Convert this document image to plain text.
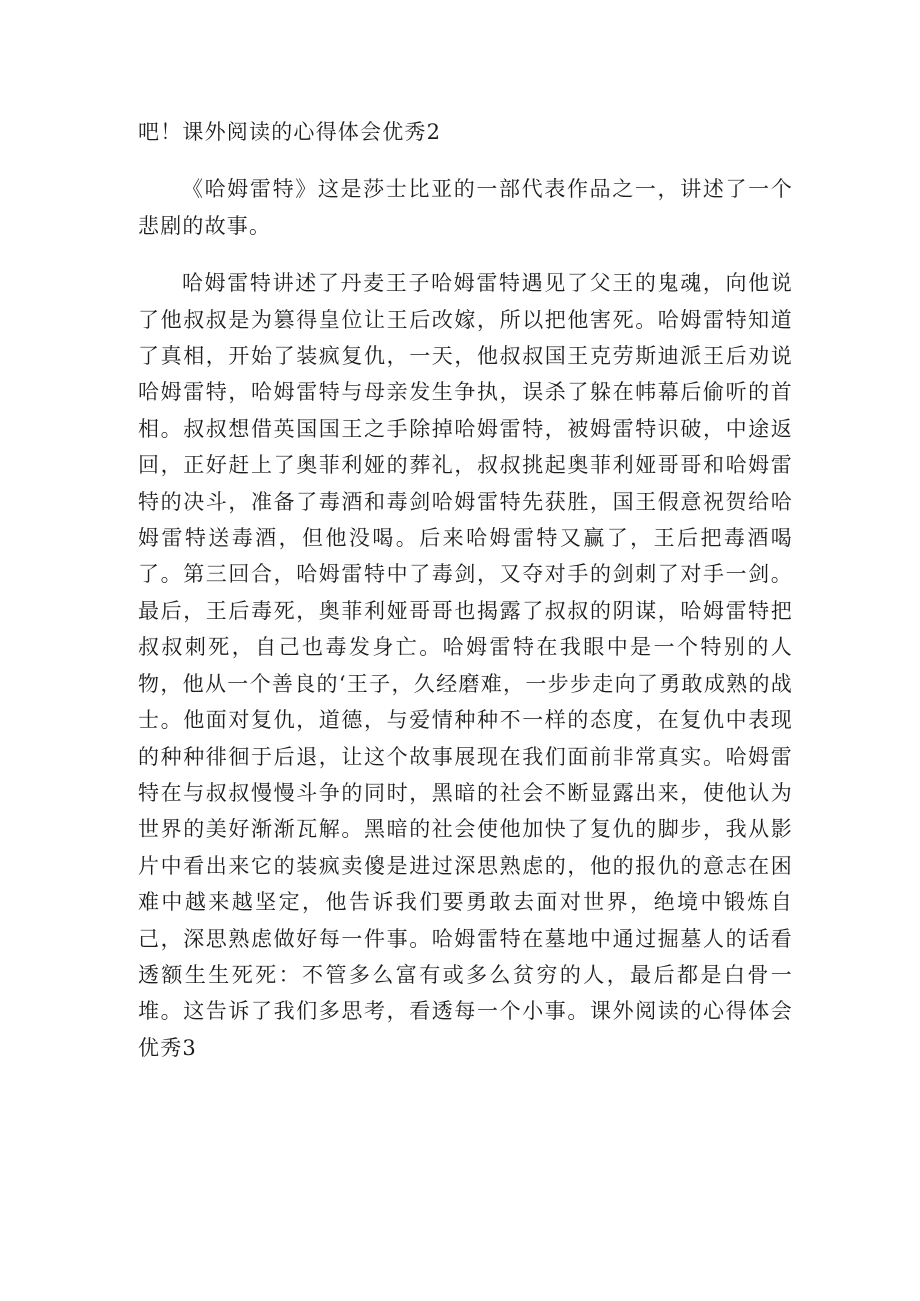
吧！课外阅读的心得体会优秀2

《哈姆雷特》这是莎士比亚的一部代表作品之一，讲述了一个悲剧的故事。

哈姆雷特讲述了丹麦王子哈姆雷特遇见了父王的鬼魂，向他说了他叔叔是为篡得皇位让王后改嫁，所以把他害死。哈姆雷特知道了真相，开始了装疯复仇，一天，他叔叔国王克劳斯迪派王后劝说哈姆雷特，哈姆雷特与母亲发生争执，误杀了躲在帏幕后偷听的首相。叔叔想借英国国王之手除掉哈姆雷特，被姆雷特识破，中途返回，正好赶上了奥菲利娅的葬礼，叔叔挑起奥菲利娅哥哥和哈姆雷特的决斗，准备了毒酒和毒剑哈姆雷特先获胜，国王假意祝贺给哈姆雷特送毒酒，但他没喝。后来哈姆雷特又赢了，王后把毒酒喝了。第三回合，哈姆雷特中了毒剑，又夺对手的剑刺了对手一剑。最后，王后毒死，奥菲利娅哥哥也揭露了叔叔的阴谋，哈姆雷特把叔叔刺死，自己也毒发身亡。哈姆雷特在我眼中是一个特别的人物，他从一个善良的‘王子，久经磨难，一步步走向了勇敢成熟的战士。他面对复仇，道德，与爱情种种不一样的态度，在复仇中表现的种种徘徊于后退，让这个故事展现在我们面前非常真实。哈姆雷特在与叔叔慢慢斗争的同时，黑暗的社会不断显露出来，使他认为世界的美好渐渐瓦解。黑暗的社会使他加快了复仇的脚步，我从影片中看出来它的装疯卖傻是进过深思熟虑的，他的报仇的意志在困难中越来越坚定，他告诉我们要勇敢去面对世界，绝境中锻炼自己，深思熟虑做好每一件事。哈姆雷特在墓地中通过掘墓人的话看透额生生死死：不管多么富有或多么贫穷的人，最后都是白骨一堆。这告诉了我们多思考，看透每一个小事。课外阅读的心得体会优秀3
